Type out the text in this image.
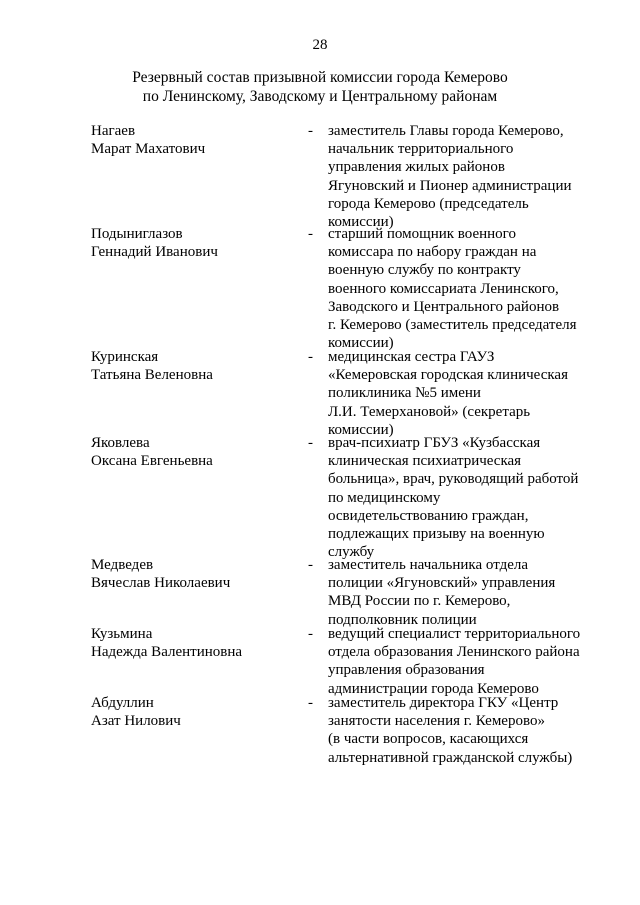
28
Резервный состав призывной комиссии города Кемерово
по Ленинскому, Заводскому и Центральному районам
Нагаев
Марат Махатович
- заместитель Главы города Кемерово,
начальник территориального
управления жилых районов
Ягуновский и Пионер администрации
города Кемерово (председатель
комиссии)
Подыниглазов
Геннадий Иванович
- старший помощник военного
комиссара по набору граждан на
военную службу по контракту
военного комиссариата Ленинского,
Заводского и Центрального районов
г. Кемерово (заместитель председателя
комиссии)
Куринская
Татьяна Веленовна
- медицинская сестра ГАУЗ
«Кемеровская городская клиническая
поликлиника №5 имени
Л.И. Темерхановой» (секретарь
комиссии)
Яковлева
Оксана Евгеньевна
- врач-психиатр ГБУЗ «Кузбасская
клиническая психиатрическая
больница», врач, руководящий работой
по медицинскому
освидетельствованию граждан,
подлежащих призыву на военную
службу
Медведев
Вячеслав Николаевич
- заместитель начальника отдела
полиции «Ягуновский» управления
МВД России по г. Кемерово,
подполковник полиции
Кузьмина
Надежда Валентиновна
- ведущий специалист территориального
отдела образования Ленинского района
управления образования
администрации города Кемерово
Абдуллин
Азат Нилович
- заместитель директора ГКУ «Центр
занятости населения г. Кемерово»
(в части вопросов, касающихся
альтернативной гражданской службы)
